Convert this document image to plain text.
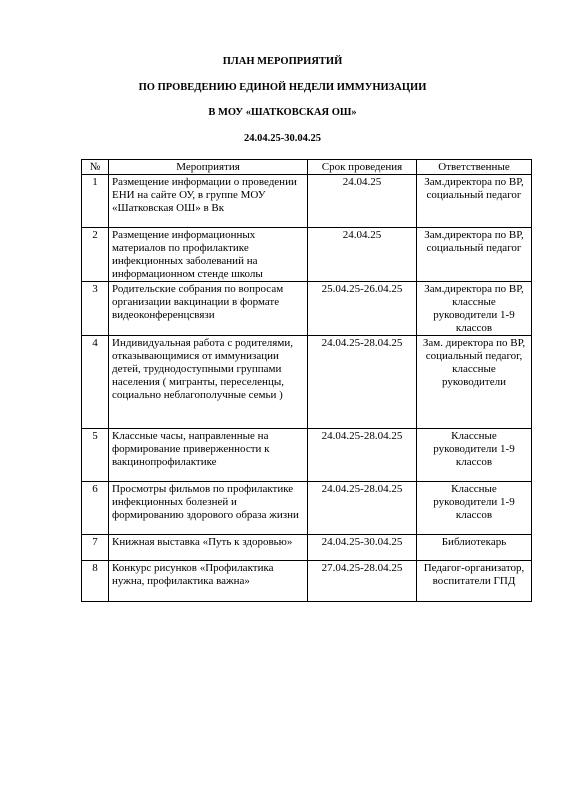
ПЛАН МЕРОПРИЯТИЙ
ПО ПРОВЕДЕНИЮ ЕДИНОЙ НЕДЕЛИ ИММУНИЗАЦИИ
В МОУ «ШАТКОВСКАЯ ОШ»
24.04.25-30.04.25
№	Мероприятия	Срок проведения	Ответственные
1	Размещение информации о проведении ЕНИ на сайте ОУ, в группе МОУ «Шатковская ОШ» в Вк	24.04.25	Зам.директора по ВР, социальный педагог
2	Размещение информационных материалов по профилактике инфекционных заболеваний на информационном стенде школы	24.04.25	Зам.директора по ВР, социальный педагог
3	Родительские собрания по вопросам организации вакцинации в формате видеоконференцсвязи	25.04.25-26.04.25	Зам.директора по ВР, классные руководители 1-9 классов
4	Индивидуальная работа с родителями, отказывающимися от иммунизации детей, труднодоступными группами населения ( мигранты, переселенцы, социально неблагополучные семьи )	24.04.25-28.04.25	Зам. директора по ВР, социальный педагог, классные руководители
5	Классные часы, направленные на формирование приверженности к вакцинопрофилактике	24.04.25-28.04.25	Классные руководители 1-9 классов
6	Просмотры фильмов по профилактике инфекционных болезней и формированию здорового образа жизни	24.04.25-28.04.25	Классные руководители 1-9 классов
7	Книжная выставка «Путь к здоровью»	24.04.25-30.04.25	Библиотекарь
8	Конкурс рисунков «Профилактика нужна, профилактика важна»	27.04.25-28.04.25	Педагог-организатор, воспитатели ГПД
